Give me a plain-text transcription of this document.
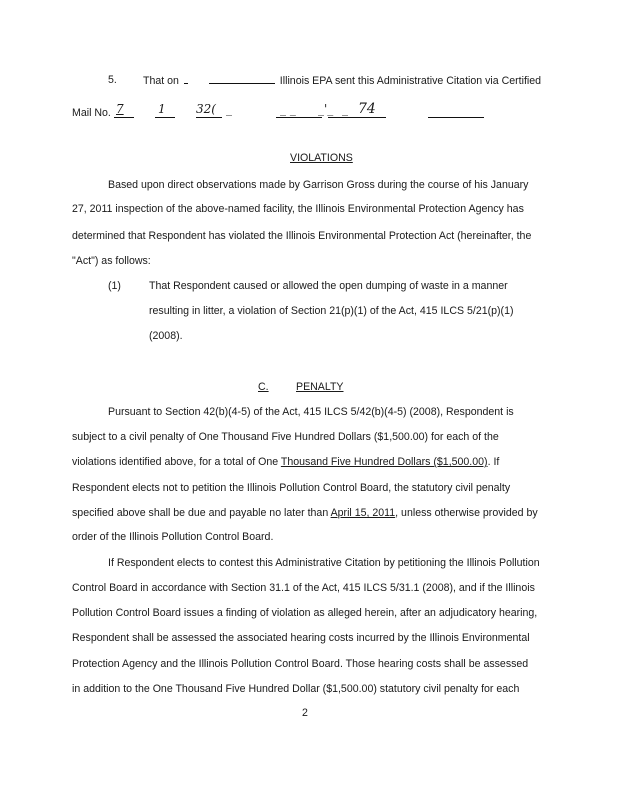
5. That on	Illinois EPA sent this Administrative Citation via Certified
Mail No. 7	1	32( _	_ _ _'_ _ 74
VIOLATIONS
Based upon direct observations made by Garrison Gross during the course of his January
27, 2011 inspection of the above-named facility, the Illinois Environmental Protection Agency has
determined that Respondent has violated the Illinois Environmental Protection Act (hereinafter, the
"Act") as follows:
(1)	That Respondent caused or allowed the open dumping of waste in a manner
resulting in litter, a violation of Section 21(p)(1) of the Act, 415 ILCS 5/21(p)(1)
(2008).
C.	PENALTY
Pursuant to Section 42(b)(4-5) of the Act, 415 ILCS 5/42(b)(4-5) (2008), Respondent is
subject to a civil penalty of One Thousand Five Hundred Dollars ($1,500.00) for each of the
violations identified above, for a total of One Thousand Five Hundred Dollars ($1,500.00). If
Respondent elects not to petition the Illinois Pollution Control Board, the statutory civil penalty
specified above shall be due and payable no later than April 15, 2011, unless otherwise provided by
order of the Illinois Pollution Control Board.
If Respondent elects to contest this Administrative Citation by petitioning the Illinois Pollution
Control Board in accordance with Section 31.1 of the Act, 415 ILCS 5/31.1 (2008), and if the Illinois
Pollution Control Board issues a finding of violation as alleged herein, after an adjudicatory hearing,
Respondent shall be assessed the associated hearing costs incurred by the Illinois Environmental
Protection Agency and the Illinois Pollution Control Board. Those hearing costs shall be assessed
in addition to the One Thousand Five Hundred Dollar ($1,500.00) statutory civil penalty for each
2
